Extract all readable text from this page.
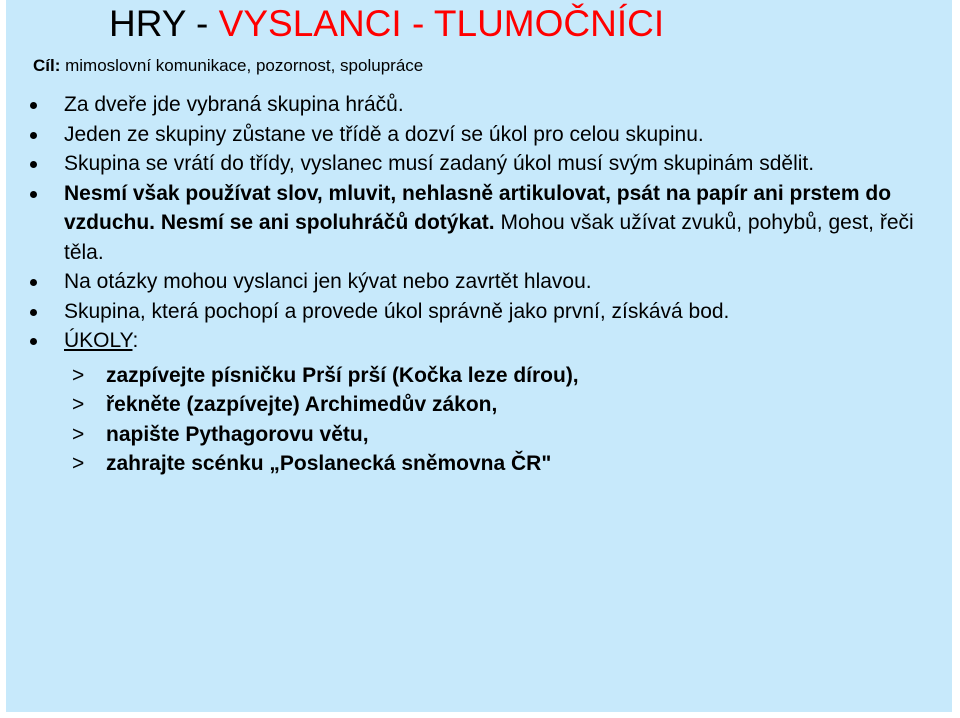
HRY - VYSLANCI - TLUMOČNÍCI
Cíl: mimoslovní komunikace, pozornost, spolupráce
Za dveře jde vybraná skupina hráčů.
Jeden ze skupiny zůstane ve třídě a dozví se úkol pro celou skupinu.
Skupina se vrátí do třídy, vyslanec musí zadaný úkol musí svým skupinám sdělit.
Nesmí však používat slov, mluvit, nehlasně artikulovat, psát na papír ani prstem do vzduchu. Nesmí se ani spoluhráčů dotýkat. Mohou však užívat zvuků, pohybů, gest, řeči těla.
Na otázky mohou vyslanci jen kývat nebo zavrtět hlavou.
Skupina, která pochopí a provede úkol správně jako první, získává bod.
ÚKOLY:
> zazpívejte písničku Prší prší (Kočka leze dírou),
> řekněte (zazpívejte) Archimedův zákon,
> napište Pythagorovu větu,
> zahrajte scénku „Poslanecká sněmovna ČR"
